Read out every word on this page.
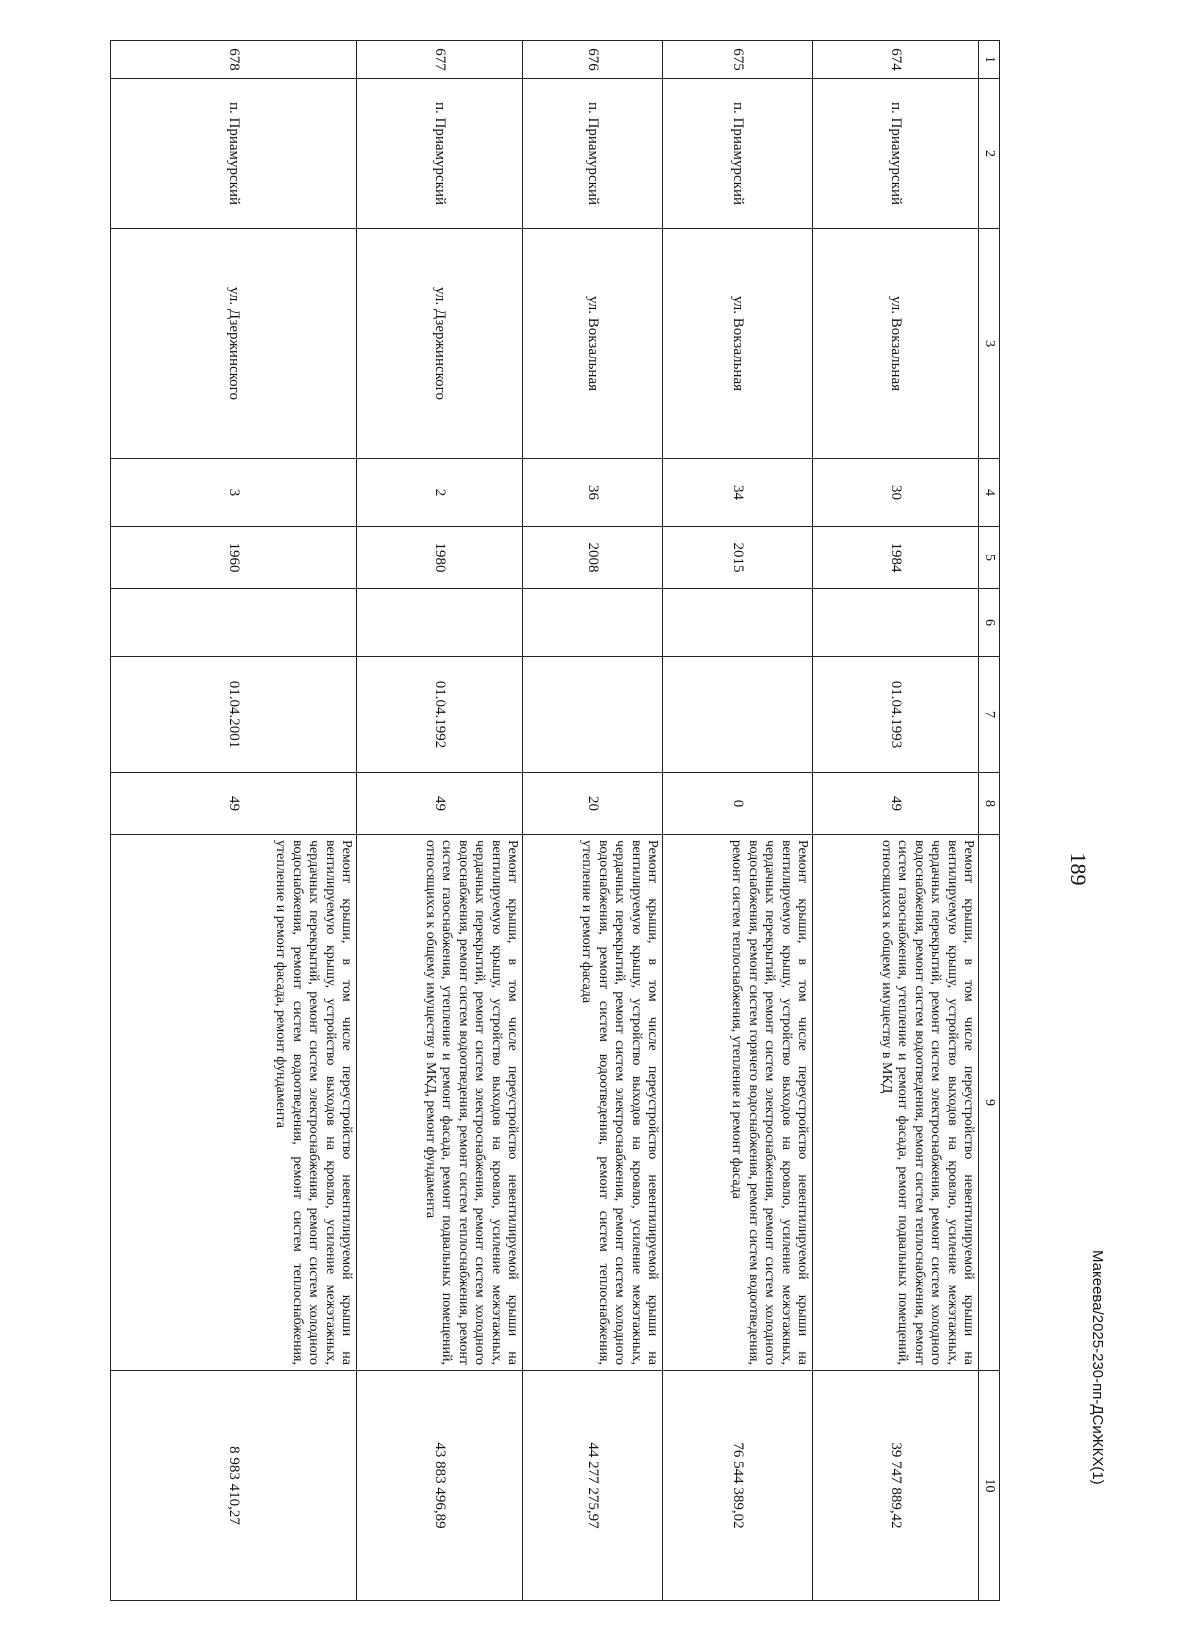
189
1	2	3	4	5	6	7	8	9	10
674	п. Приамурский	ул. Вокзальная	30	1984		01.04.1993	49	Ремонт крыши, в том числе переустройство невентилируемой крыши на вентилируемую крышу, устройство выходов на кровлю, усиление межэтажных, чердачных перекрытий, ремонт систем электроснабжения, ремонт систем холодного водоснабжения, ремонт систем водоотведения, ремонт систем теплоснабжения, ремонт систем газоснабжения, утепление и ремонт фасада, ремонт подвальных помещений, относящихся к общему имуществу в МКД	39 747 889,42
675	п. Приамурский	ул. Вокзальная	34	2015			0	Ремонт крыши, в том числе переустройство невентилируемой крыши на вентилируемую крышу, устройство выходов на кровлю, усиление межэтажных, чердачных перекрытий, ремонт систем электроснабжения, ремонт систем холодного водоснабжения, ремонт систем горячего водоснабжения, ремонт систем водоотведения, ремонт систем теплоснабжения, утепление и ремонт фасада	76 544 389,02
676	п. Приамурский	ул. Вокзальная	36	2008			20	Ремонт крыши, в том числе переустройство невентилируемой крыши на вентилируемую крышу, устройство выходов на кровлю, усиление межэтажных, чердачных перекрытий, ремонт систем электроснабжения, ремонт систем холодного водоснабжения, ремонт систем водоотведения, ремонт систем теплоснабжения, утепление и ремонт фасада	44 277 275,97
677	п. Приамурский	ул. Дзержинского	2	1980		01.04.1992	49	Ремонт крыши, в том числе переустройство невентилируемой крыши на вентилируемую крышу, устройство выходов на кровлю, усиление межэтажных, чердачных перекрытий, ремонт систем электроснабжения, ремонт систем холодного водоснабжения, ремонт систем водоотведения, ремонт систем теплоснабжения, ремонт систем газоснабжения, утепление и ремонт фасада, ремонт подвальных помещений, относящихся к общему имуществу в МКД, ремонт фундамента	43 883 496,89
678	п. Приамурский	ул. Дзержинского	3	1960		01.04.2001	49	Ремонт крыши, в том числе переустройство невентилируемой крыши на вентилируемую крышу, устройство выходов на кровлю, усиление межэтажных, чердачных перекрытий, ремонт систем электроснабжения, ремонт систем холодного водоснабжения, ремонт систем водоотведения, ремонт систем теплоснабжения, утепление и ремонт фасада, ремонт фундамента	8 983 410,27
Макеева/2025-230-пп-ДСиЖКХ(1)
